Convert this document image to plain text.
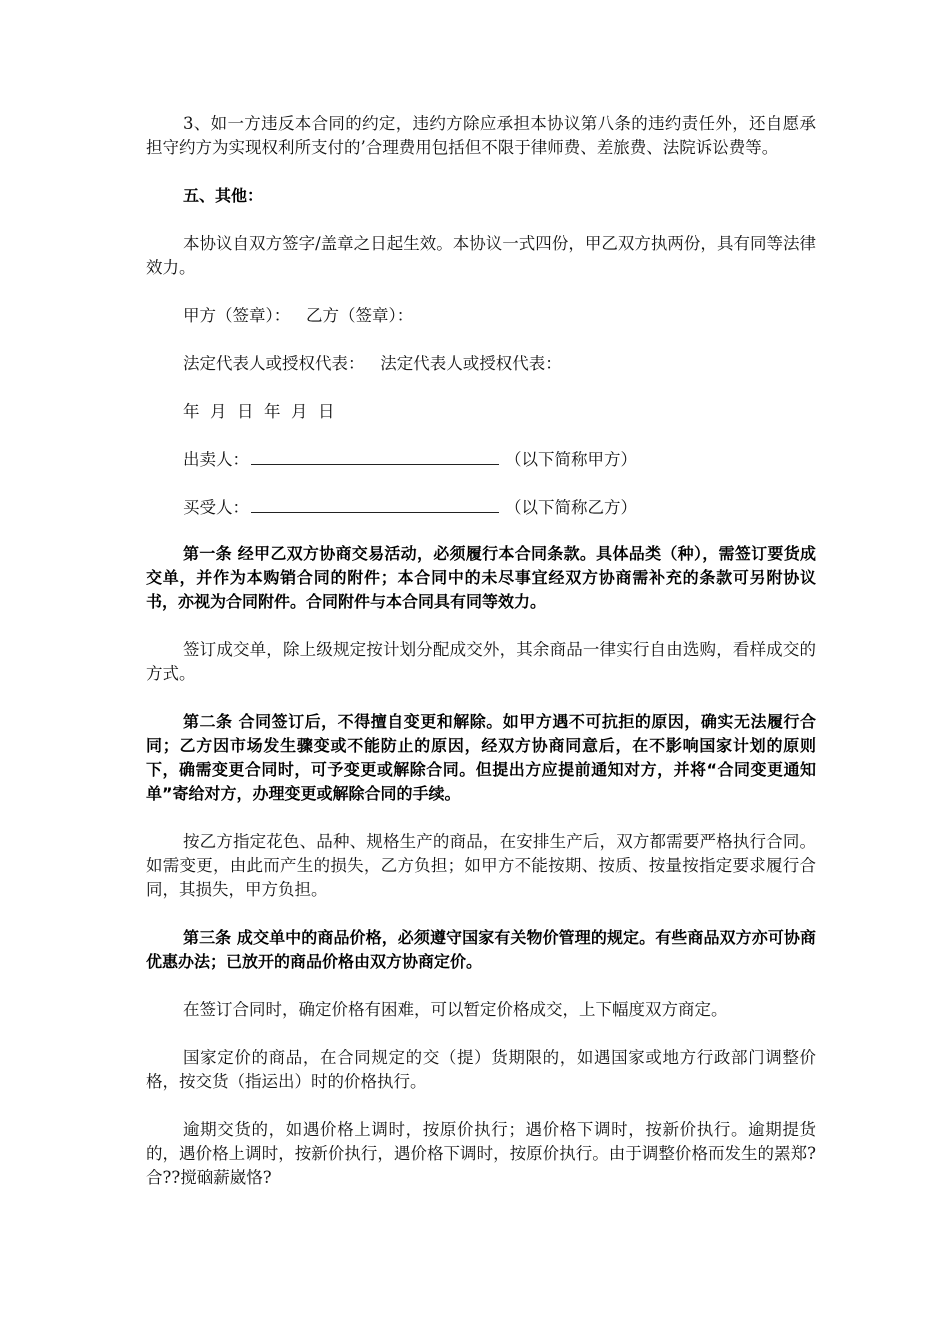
3、如一方违反本合同的约定，违约方除应承担本协议第八条的违约责任外，还自愿承担守约方为实现权利所支付的’合理费用包括但不限于律师费、差旅费、法院诉讼费等。

五、其他：

本协议自双方签字/盖章之日起生效。本协议一式四份，甲乙双方执两份，具有同等法律效力。

甲方（签章）：   乙方（签章）：

法定代表人或授权代表：   法定代表人或授权代表：

年  月  日  年  月  日

出卖人：	（以下简称甲方）

买受人：	（以下简称乙方）

第一条 经甲乙双方协商交易活动，必须履行本合同条款。具体品类（种），需签订要货成交单，并作为本购销合同的附件；本合同中的未尽事宜经双方协商需补充的条款可另附协议书，亦视为合同附件。合同附件与本合同具有同等效力。

签订成交单，除上级规定按计划分配成交外，其余商品一律实行自由选购，看样成交的方式。

第二条 合同签订后，不得擅自变更和解除。如甲方遇不可抗拒的原因，确实无法履行合同；乙方因市场发生骤变或不能防止的原因，经双方协商同意后，在不影响国家计划的原则下，确需变更合同时，可予变更或解除合同。但提出方应提前通知对方，并将“合同变更通知单”寄给对方，办理变更或解除合同的手续。

按乙方指定花色、品种、规格生产的商品，在安排生产后，双方都需要严格执行合同。如需变更，由此而产生的损失，乙方负担；如甲方不能按期、按质、按量按指定要求履行合同，其损失，甲方负担。

第三条 成交单中的商品价格，必须遵守国家有关物价管理的规定。有些商品双方亦可协商优惠办法；已放开的商品价格由双方协商定价。

在签订合同时，确定价格有困难，可以暂定价格成交，上下幅度双方商定。

国家定价的商品，在合同规定的交（提）货期限的，如遇国家或地方行政部门调整价格，按交货（指运出）时的价格执行。

逾期交货的，如遇价格上调时，按原价执行；遇价格下调时，按新价执行。逾期提货的，遇价格上调时，按新价执行，遇价格下调时，按原价执行。由于调整价格而发生的罴郑?合??搅硇薪崴恪?
